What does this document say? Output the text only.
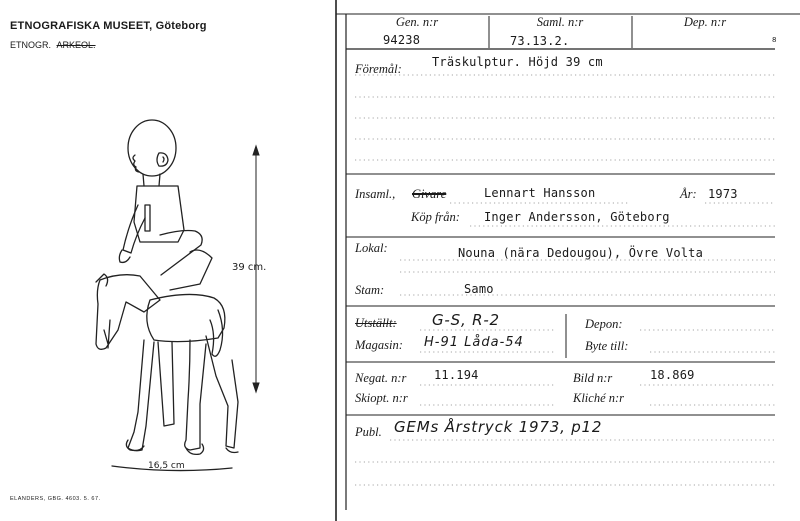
ETNOGRAFISKA MUSEET, Göteborg
ETNOGR. ARKEOL.
39 cm.
16,5 cm
ELANDERS, GBG. 4603. 5. 67.
Gen. n:r
94238
Saml. n:r
73.13.2.
Dep. n:r
8
Föremål:	Träskulptur. Höjd 39 cm
Insaml., Givare	Lennart Hansson	År: 1973
Köp från: Inger Andersson, Göteborg
Lokal:	Nouna (nära Dedougou), Övre Volta
Stam:	Samo
Utställt: G-S, R-2
Magasin: H-91 Låda-54
Depon:
Byte till:
Negat. n:r 11.194
Skiopt. n:r
Bild n:r	18.869
Kliché n:r
Publ. GEMs Årstryck 1973, p12
